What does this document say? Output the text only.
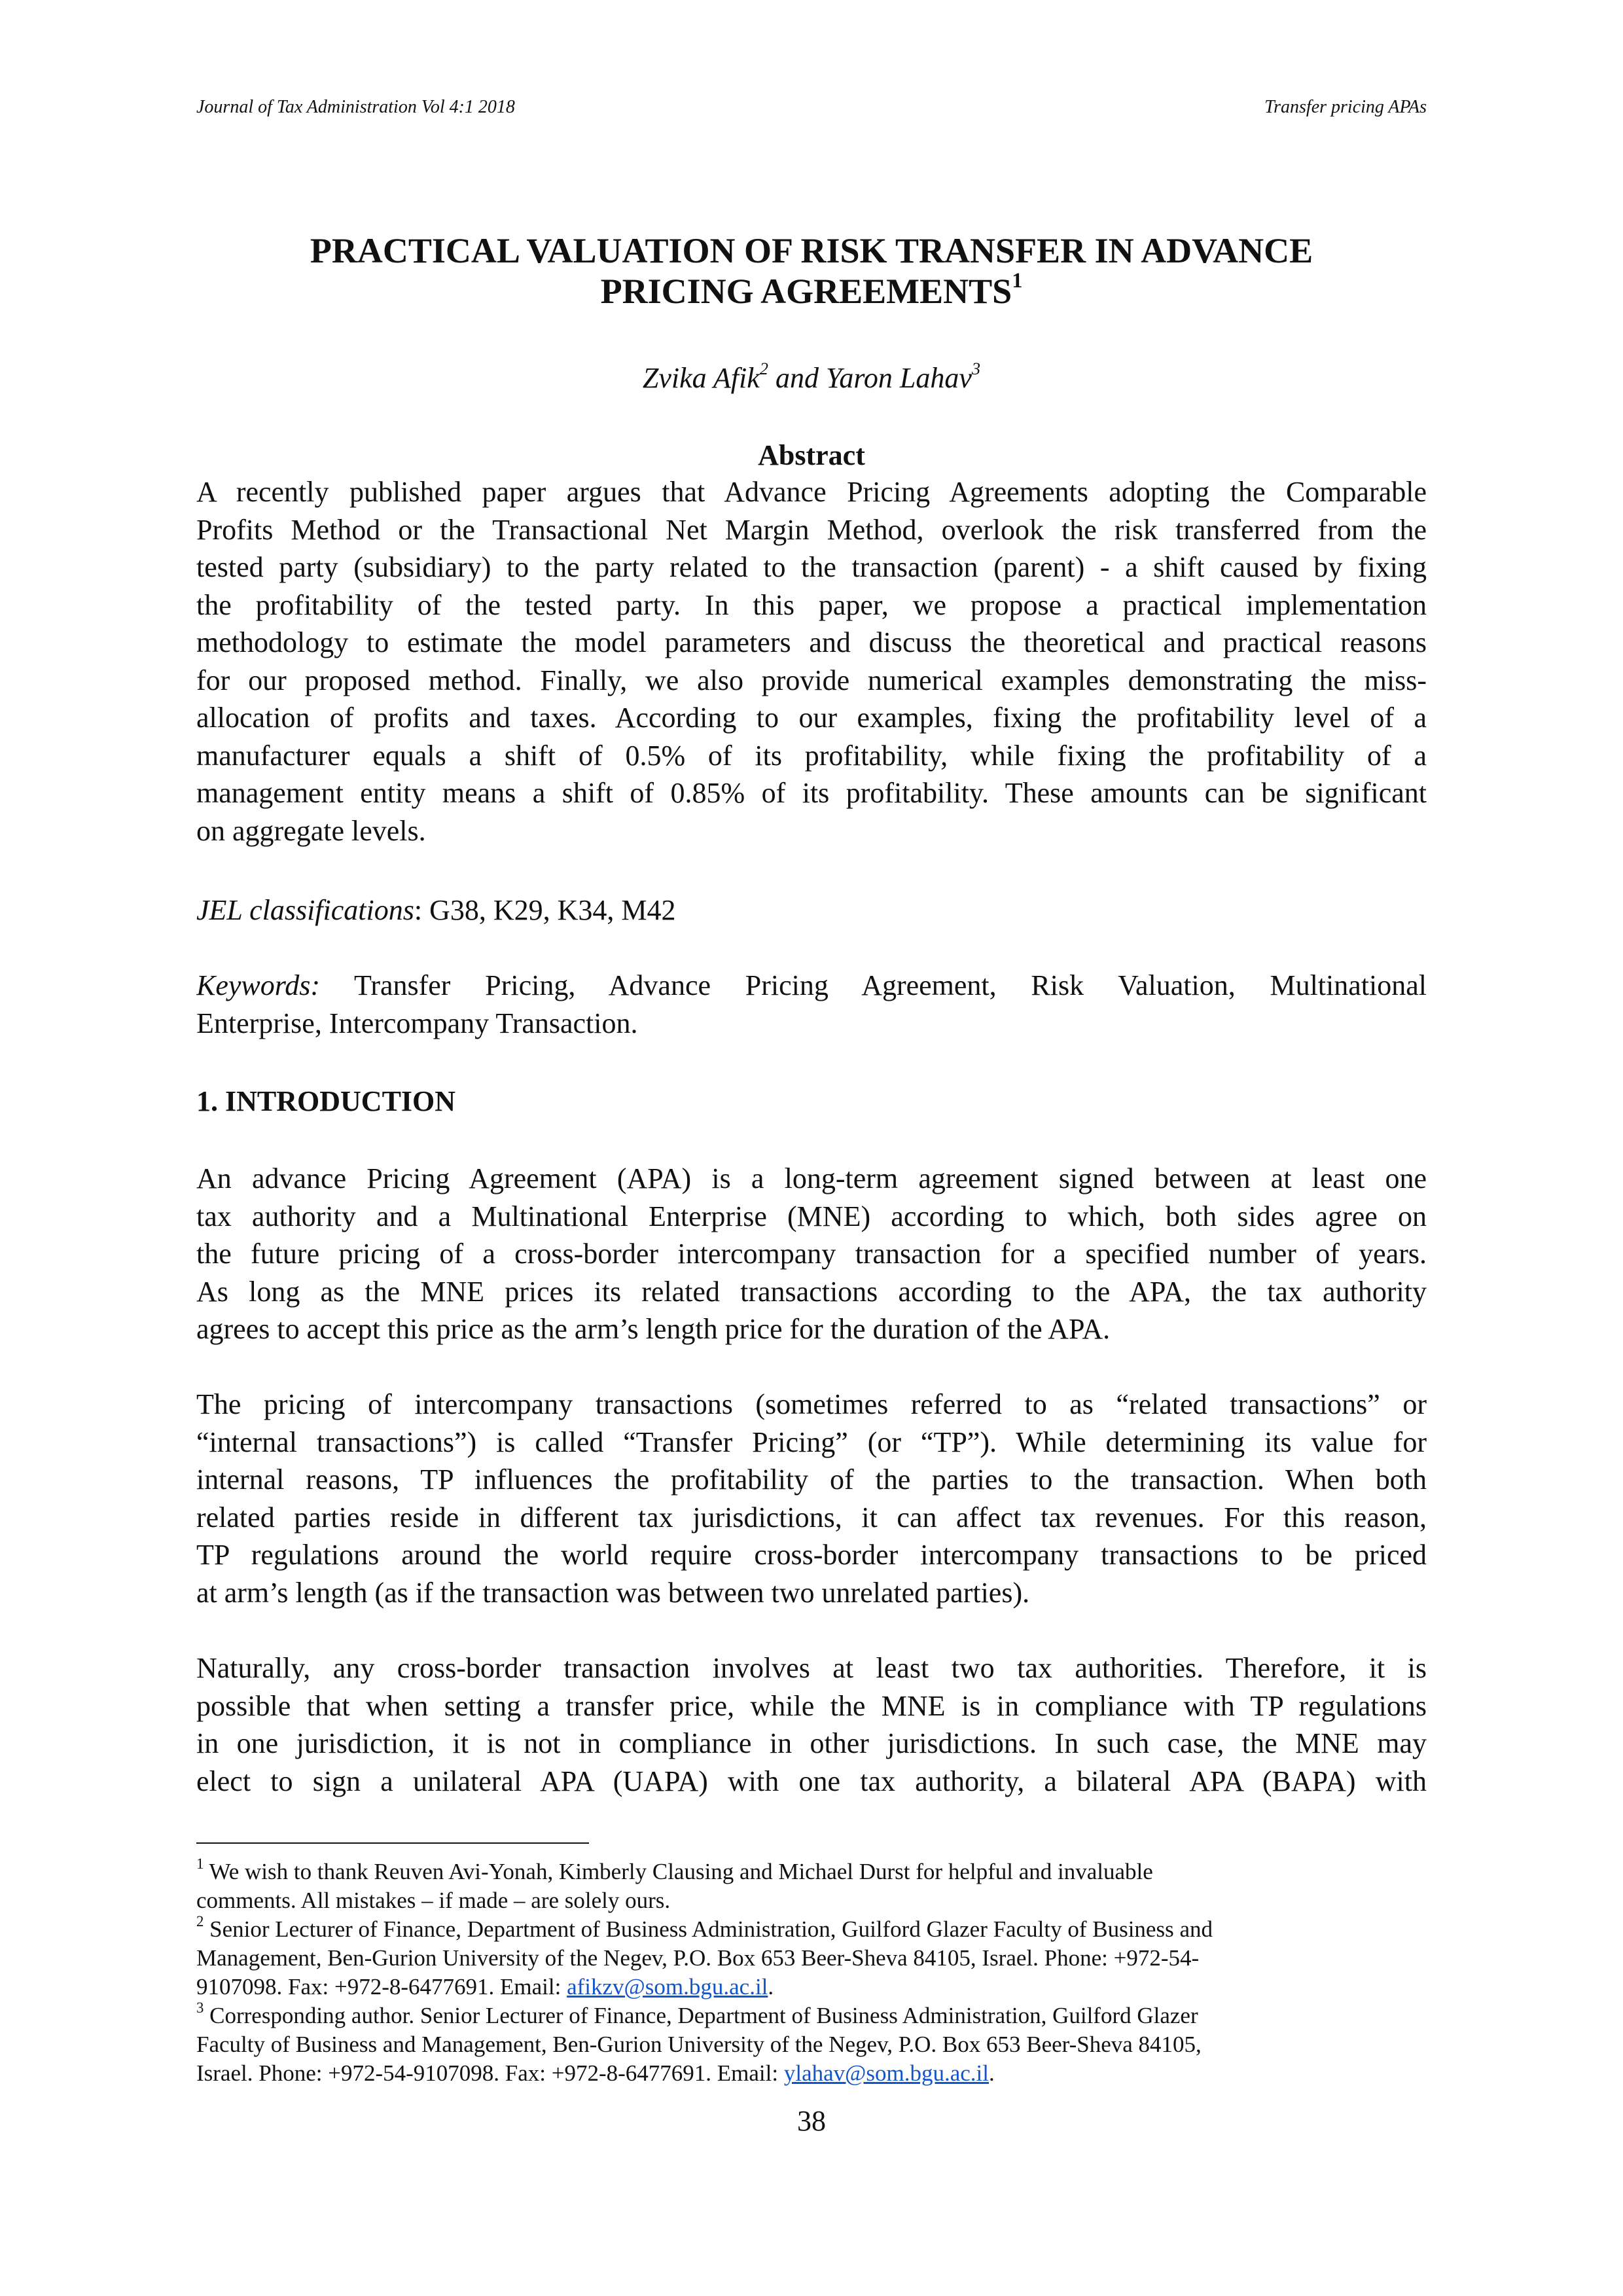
Journal of Tax Administration Vol 4:1 2018	Transfer pricing APAs
PRACTICAL VALUATION OF RISK TRANSFER IN ADVANCE
PRICING AGREEMENTS$^1$
Zvika Afik$^2$ and Yaron Lahav$^3$
Abstract
A recently published paper argues that Advance Pricing Agreements adopting the Comparable
Profits Method or the Transactional Net Margin Method, overlook the risk transferred from the
tested party (subsidiary) to the party related to the transaction (parent) - a shift caused by fixing
the profitability of the tested party. In this paper, we propose a practical implementation
methodology to estimate the model parameters and discuss the theoretical and practical reasons
for our proposed method. Finally, we also provide numerical examples demonstrating the miss-
allocation of profits and taxes. According to our examples, fixing the profitability level of a
manufacturer equals a shift of 0.5% of its profitability, while fixing the profitability of a
management entity means a shift of 0.85% of its profitability. These amounts can be significant
on aggregate levels.
JEL classifications: G38, K29, K34, M42
Keywords: Transfer Pricing, Advance Pricing Agreement, Risk Valuation, Multinational
Enterprise, Intercompany Transaction.
1. INTRODUCTION
An advance Pricing Agreement (APA) is a long-term agreement signed between at least one
tax authority and a Multinational Enterprise (MNE) according to which, both sides agree on
the future pricing of a cross-border intercompany transaction for a specified number of years.
As long as the MNE prices its related transactions according to the APA, the tax authority
agrees to accept this price as the arm’s length price for the duration of the APA.
The pricing of intercompany transactions (sometimes referred to as “related transactions” or
“internal transactions”) is called “Transfer Pricing” (or “TP”). While determining its value for
internal reasons, TP influences the profitability of the parties to the transaction. When both
related parties reside in different tax jurisdictions, it can affect tax revenues. For this reason,
TP regulations around the world require cross-border intercompany transactions to be priced
at arm’s length (as if the transaction was between two unrelated parties).
Naturally, any cross-border transaction involves at least two tax authorities. Therefore, it is
possible that when setting a transfer price, while the MNE is in compliance with TP regulations
in one jurisdiction, it is not in compliance in other jurisdictions. In such case, the MNE may
elect to sign a unilateral APA (UAPA) with one tax authority, a bilateral APA (BAPA) with
$^1$ We wish to thank Reuven Avi-Yonah, Kimberly Clausing and Michael Durst for helpful and invaluable
comments. All mistakes – if made – are solely ours.
$^2$ Senior Lecturer of Finance, Department of Business Administration, Guilford Glazer Faculty of Business and
Management, Ben-Gurion University of the Negev, P.O. Box 653 Beer-Sheva 84105, Israel. Phone: +972-54-
9107098. Fax: +972-8-6477691. Email: afikzv@som.bgu.ac.il.
$^3$ Corresponding author. Senior Lecturer of Finance, Department of Business Administration, Guilford Glazer
Faculty of Business and Management, Ben-Gurion University of the Negev, P.O. Box 653 Beer-Sheva 84105,
Israel. Phone: +972-54-9107098. Fax: +972-8-6477691. Email: ylahav@som.bgu.ac.il.
38
